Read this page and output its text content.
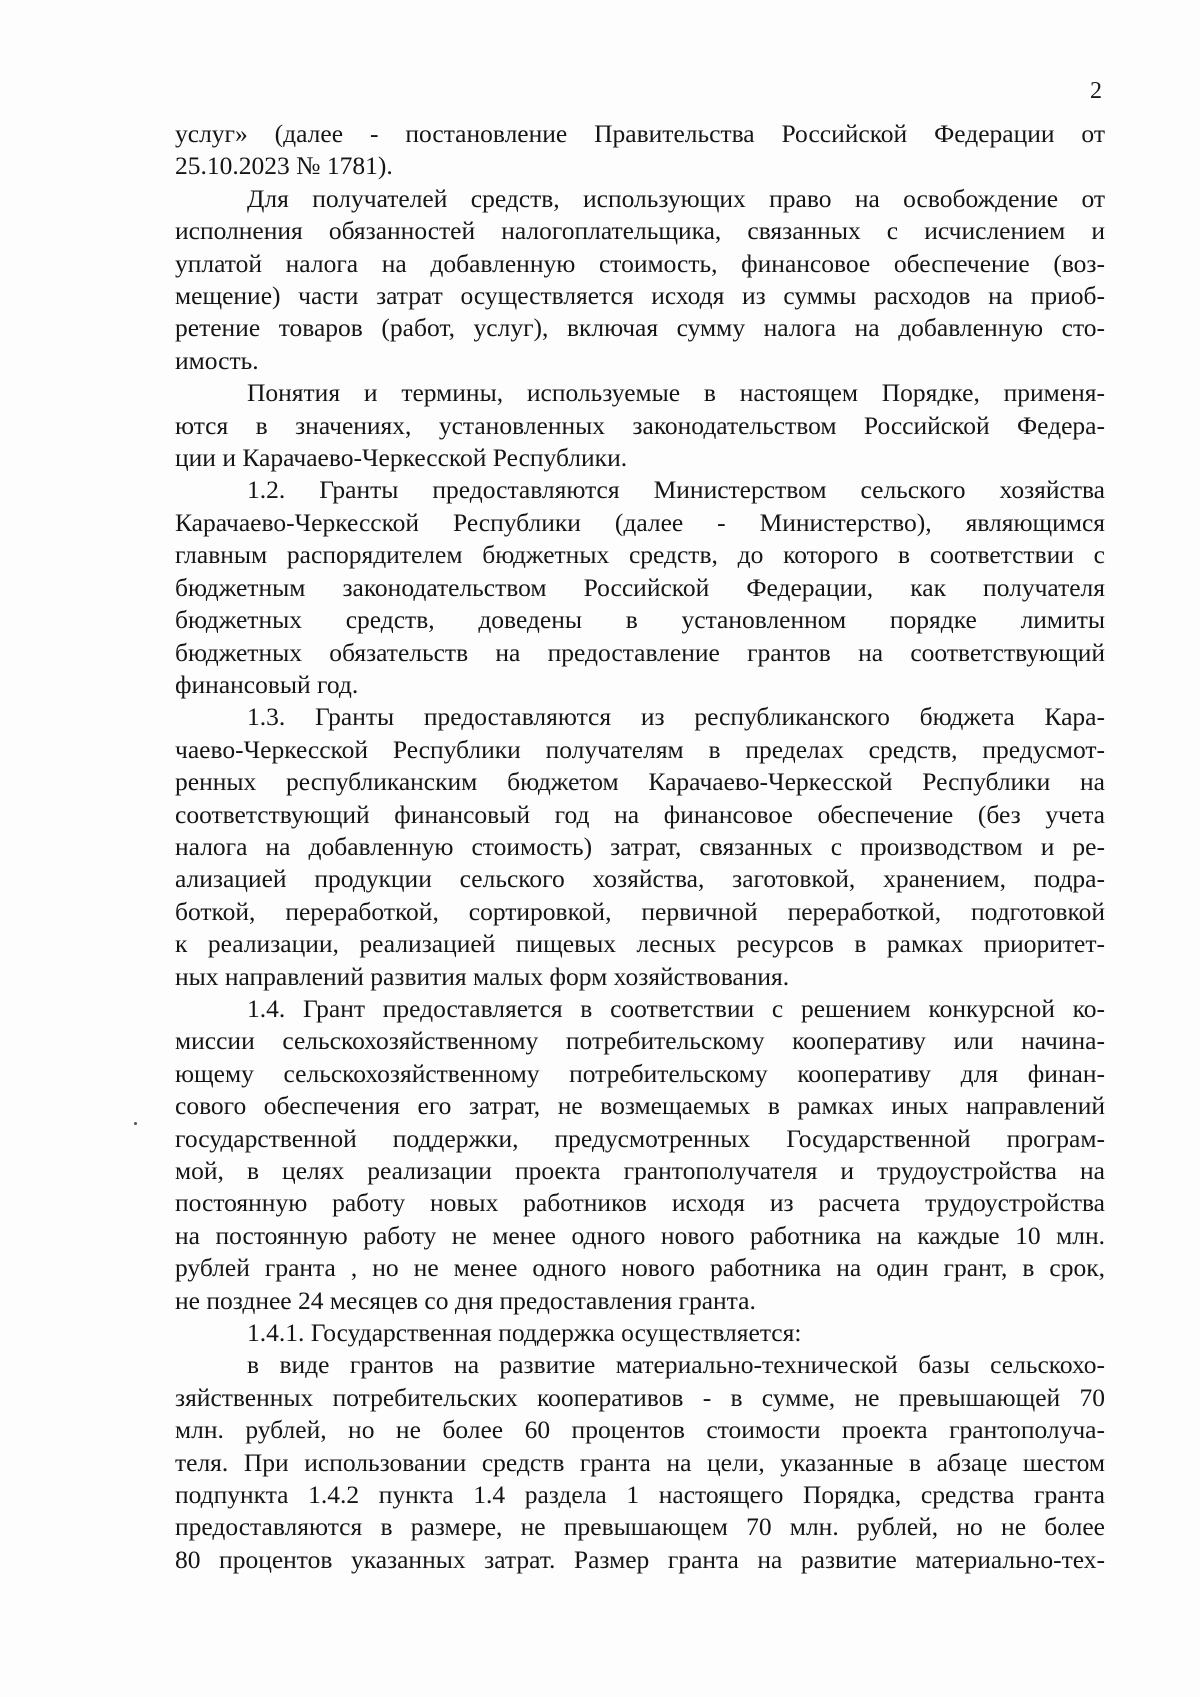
2
услуг» (далее - постановление Правительства Российской Федерации от
25.10.2023 № 1781).
Для получателей средств, использующих право на освобождение от
исполнения обязанностей налогоплательщика, связанных с исчислением и
уплатой налога на добавленную стоимость, финансовое обеспечение (воз-
мещение) части затрат осуществляется исходя из суммы расходов на приоб-
ретение товаров (работ, услуг), включая сумму налога на добавленную сто-
имость.
Понятия и термины, используемые в настоящем Порядке, применя-
ются в значениях, установленных законодательством Российской Федера-
ции и Карачаево-Черкесской Республики.
1.2. Гранты предоставляются Министерством сельского хозяйства
Карачаево-Черкесской Республики (далее - Министерство), являющимся
главным распорядителем бюджетных средств, до которого в соответствии с
бюджетным законодательством Российской Федерации, как получателя
бюджетных средств, доведены в установленном порядке лимиты
бюджетных обязательств на предоставление грантов на соответствующий
финансовый год.
1.3. Гранты предоставляются из республиканского бюджета Кара-
чаево-Черкесской Республики получателям в пределах средств, предусмот-
ренных республиканским бюджетом Карачаево-Черкесской Республики на
соответствующий финансовый год на финансовое обеспечение (без учета
налога на добавленную стоимость) затрат, связанных с производством и ре-
ализацией продукции сельского хозяйства, заготовкой, хранением, подра-
боткой, переработкой, сортировкой, первичной переработкой, подготовкой
к реализации, реализацией пищевых лесных ресурсов в рамках приоритет-
ных направлений развития малых форм хозяйствования.
1.4. Грант предоставляется в соответствии с решением конкурсной ко-
миссии сельскохозяйственному потребительскому кооперативу или начина-
ющему сельскохозяйственному потребительскому кооперативу для финан-
сового обеспечения его затрат, не возмещаемых в рамках иных направлений
государственной поддержки, предусмотренных Государственной програм-
мой, в целях реализации проекта грантополучателя и трудоустройства на
постоянную работу новых работников исходя из расчета трудоустройства
на постоянную работу не менее одного нового работника на каждые 10 млн.
рублей гранта , но не менее одного нового работника на один грант, в срок,
не позднее 24 месяцев со дня предоставления гранта.
1.4.1. Государственная поддержка осуществляется:
в виде грантов на развитие материально-технической базы сельскохо-
зяйственных потребительских кооперативов - в сумме, не превышающей 70
млн. рублей, но не более 60 процентов стоимости проекта грантополуча-
теля. При использовании средств гранта на цели, указанные в абзаце шестом
подпункта 1.4.2 пункта 1.4 раздела 1 настоящего Порядка, средства гранта
предоставляются в размере, не превышающем 70 млн. рублей, но не более
80 процентов указанных затрат. Размер гранта на развитие материально-тех-
